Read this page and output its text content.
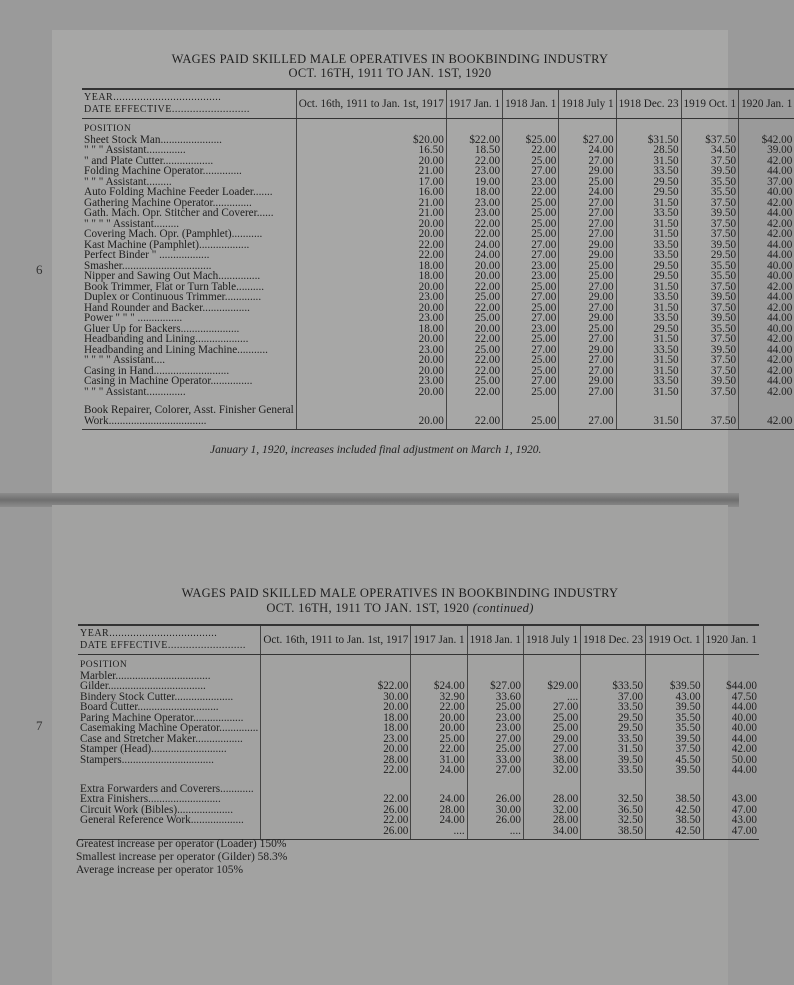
6
7
WAGES PAID SKILLED MALE OPERATIVES IN BOOKBINDING INDUSTRY
OCT. 16TH, 1911 TO JAN. 1ST, 1920
YEAR....................................
DATE EFFECTIVE..........................	Oct. 16th, 1911 to Jan. 1st, 1917	1917 Jan. 1	1918 Jan. 1	1918 July 1	1918 Dec. 23	1919 Oct. 1	1920 Jan. 1
POSITION							
Sheet Stock Man......................	$20.00	$22.00	$25.00	$27.00	$31.50	$37.50	$42.00
" " " Assistant..............	16.50	18.50	22.00	24.00	28.50	34.50	39.00
" and Plate Cutter..................	20.00	22.00	25.00	27.00	31.50	37.50	42.00
Folding Machine Operator..............	21.00	23.00	27.00	29.00	33.50	39.50	44.00
" " " Assistant.........	17.00	19.00	23.00	25.00	29.50	35.50	37.00
Auto Folding Machine Feeder Loader.......	16.00	18.00	22.00	24.00	29.50	35.50	40.00
Gathering Machine Operator..............	21.00	23.00	25.00	27.00	31.50	37.50	42.00
Gath. Mach. Opr. Stitcher and Coverer......	21.00	23.00	25.00	27.00	33.50	39.50	44.00
" " " " Assistant.........	20.00	22.00	25.00	27.00	31.50	37.50	42.00
Covering Mach. Opr. (Pamphlet)...........	20.00	22.00	25.00	27.00	31.50	37.50	42.00
Kast Machine (Pamphlet)..................	22.00	24.00	27.00	29.00	33.50	39.50	44.00
Perfect Binder " ..................	22.00	24.00	27.00	29.00	33.50	29.50	44.00
Smasher................................	18.00	20.00	23.00	25.00	29.50	35.50	40.00
Nipper and Sawing Out Mach...............	18.00	20.00	23.00	25.00	29.50	35.50	40.00
Book Trimmer, Flat or Turn Table..........	20.00	22.00	25.00	27.00	31.50	37.50	42.00
Duplex or Continuous Trimmer.............	23.00	25.00	27.00	29.00	33.50	39.50	44.00
Hand Rounder and Backer.................	20.00	22.00	25.00	27.00	31.50	37.50	42.00
Power " " " ................	23.00	25.00	27.00	29.00	33.50	39.50	44.00
Gluer Up for Backers.....................	18.00	20.00	23.00	25.00	29.50	35.50	40.00
Headbanding and Lining...................	20.00	22.00	25.00	27.00	31.50	37.50	42.00
Headbanding and Lining Machine...........	23.00	25.00	27.00	29.00	33.50	39.50	44.00
" " " " Assistant....	20.00	22.00	25.00	27.00	31.50	37.50	42.00
Casing in Hand...........................	20.00	22.00	25.00	27.00	31.50	37.50	42.00
Casing in Machine Operator...............	23.00	25.00	27.00	29.00	33.50	39.50	44.00
" " " Assistant..............	20.00	22.00	25.00	27.00	31.50	37.50	42.00
Book Repairer, Colorer, Asst. Finisher General							
Work...................................	20.00	22.00	25.00	27.00	31.50	37.50	42.00
January 1, 1920, increases included final adjustment on March 1, 1920.
WAGES PAID SKILLED MALE OPERATIVES IN BOOKBINDING INDUSTRY
OCT. 16TH, 1911 TO JAN. 1ST, 1920 (continued)
YEAR....................................
DATE EFFECTIVE..........................	Oct. 16th, 1911 to Jan. 1st, 1917	1917 Jan. 1	1918 Jan. 1	1918 July 1	1918 Dec. 23	1919 Oct. 1	1920 Jan. 1
POSITION							
Marbler..................................							
Gilder...................................	$22.00	$24.00	$27.00	$29.00	$33.50	$39.50	$44.00
Bindery Stock Cutter.....................	30.00	32.90	33.60	....	37.00	43.00	47.50
Board Cutter.............................	20.00	22.00	25.00	27.00	33.50	39.50	44.00
Paring Machine Operator..................	18.00	20.00	23.00	25.00	29.50	35.50	40.00
Casemaking Machine Operator..............	18.00	20.00	23.00	25.00	29.50	35.50	40.00
Case and Stretcher Maker.................	23.00	25.00	27.00	29.00	33.50	39.50	44.00
Stamper (Head)...........................	20.00	22.00	25.00	27.00	31.50	37.50	42.00
Stampers.................................	28.00	31.00	33.00	38.00	39.50	45.50	50.00
	22.00	24.00	27.00	32.00	33.50	39.50	44.00
Extra Forwarders and Coverers............							
Extra Finishers..........................	22.00	24.00	26.00	28.00	32.50	38.50	43.00
Circuit Work (Bibles)....................	26.00	28.00	30.00	32.00	36.50	42.50	47.00
General Reference Work...................	22.00	24.00	26.00	28.00	32.50	38.50	43.00
	26.00	....	....	34.00	38.50	42.50	47.00
Greatest increase per operator (Loader) 150%
Smallest increase per operator (Gilder) 58.3%
Average increase per operator 105%
